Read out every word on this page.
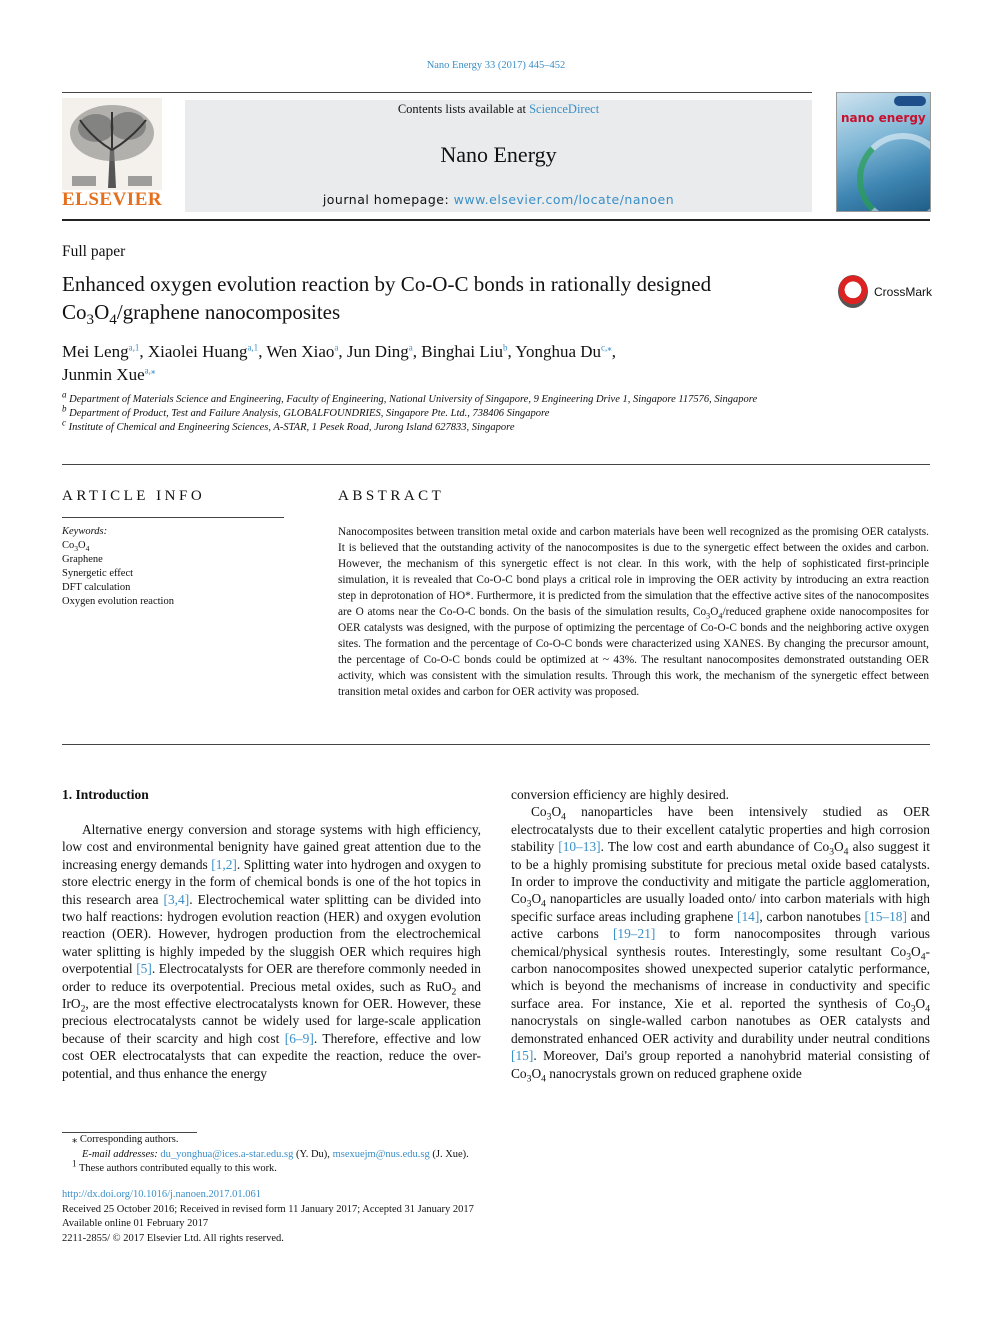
Nano Energy 33 (2017) 445–452
ELSEVIER
Contents lists available at ScienceDirect
Nano Energy
journal homepage: www.elsevier.com/locate/nanoen
nano energy
Full paper
Enhanced oxygen evolution reaction by Co-O-C bonds in rationally designed
$Co_3O_4$/graphene nanocomposites
CrossMark
Mei Leng$^{a,1}$, Xiaolei Huang$^{a,1}$, Wen Xiao$^a$, Jun Ding$^a$, Binghai Liu$^b$, Yonghua $Du^{c,⁎}$,
Junmin Xue$^{a,⁎}$
$^a$ Department of Materials Science and Engineering, Faculty of Engineering, National University of Singapore, 9 Engineering Drive 1, Singapore 117576, Singapore
$^b$ Department of Product, Test and Failure Analysis, GLOBALFOUNDRIES, Singapore Pte. Ltd., 738406 Singapore
$^c$ Institute of Chemical and Engineering Sciences, A-STAR, 1 Pesek Road, Jurong Island 627833, Singapore
ARTICLE INFO
Keywords:
$Co_3O_4$
Graphene
Synergetic effect
DFT calculation
Oxygen evolution reaction
ABSTRACT
Nanocomposites between transition metal oxide and carbon materials have been well recognized as the promising OER catalysts. It is believed that the outstanding activity of the nanocomposites is due to the synergetic effect between the oxides and carbon. However, the mechanism of this synergetic effect is not clear. In this work, with the help of sophisticated first-principle simulation, it is revealed that Co-O-C bond plays a critical role in improving the OER activity by introducing an extra reaction step in deprotonation of HO*. Furthermore, it is predicted from the simulation that the effective active sites of the nanocomposites are O atoms near the Co-O-C bonds. On the basis of the simulation results, $Co_3O_4$/reduced graphene oxide nanocomposites for OER catalysts was designed, with the purpose of optimizing the percentage of Co-O-C bonds and the neighboring active oxygen sites. The formation and the percentage of Co-O-C bonds were characterized using XANES. By changing the precursor amount, the percentage of Co-O-C bonds could be optimized at ~ 43%. The resultant nanocomposites demonstrated outstanding OER activity, which was consistent with the simulation results. Through this work, the mechanism of the synergetic effect between transition metal oxides and carbon for OER activity was proposed.
1. Introduction

Alternative energy conversion and storage systems with high efficiency, low cost and environmental benignity have gained great attention due to the increasing energy demands [1,2]. Splitting water into hydrogen and oxygen to store electric energy in the form of chemical bonds is one of the hot topics in this research area [3,4]. Electrochemical water splitting can be divided into two half reactions: hydrogen evolution reaction (HER) and oxygen evolution reaction (OER). However, hydrogen production from the electrochemical water splitting is highly impeded by the sluggish OER which requires high overpotential [5]. Electrocatalysts for OER are therefore commonly needed in order to reduce its overpotential. Precious metal oxides, such as RuO$_2$ and IrO$_2$, are the most effective electrocatalysts known for OER. However, these precious electrocatalysts cannot be widely used for large-scale application because of their scarcity and high cost [6–9]. Therefore, effective and low cost OER electrocatalysts that can expedite the reaction, reduce the over-potential, and thus enhance the energy

conversion efficiency are highly desired.

$Co_3O_4$ nanoparticles have been intensively studied as OER electrocatalysts due to their excellent catalytic properties and high corrosion stability [10–13]. The low cost and earth abundance of $Co_3O_4$ also suggest it to be a highly promising substitute for precious metal oxide based catalysts. In order to improve the conductivity and mitigate the particle agglomeration, $Co_3O_4$ nanoparticles are usually loaded onto/ into carbon materials with high specific surface areas including graphene [14], carbon nanotubes [15–18] and active carbons [19–21] to form nanocomposites through various chemical/physical synthesis routes. Interestingly, some resultant $Co_3O_4$-carbon nanocomposites showed unexpected superior catalytic performance, which is beyond the mechanisms of increase in conductivity and specific surface area. For instance, Xie et al. reported the synthesis of $Co_3O_4$ nanocrystals on single-walled carbon nanotubes as OER catalysts and demonstrated enhanced OER activity and durability under neutral conditions [15]. Moreover, Dai's group reported a nanohybrid material consisting of $Co_3O_4$ nanocrystals grown on reduced graphene oxide

⁎ Corresponding authors.
E-mail addresses: du_yonghua@ices.a-star.edu.sg (Y. Du), msexuejm@nus.edu.sg (J. Xue).
$^1$ These authors contributed equally to this work.
http://dx.doi.org/10.1016/j.nanoen.2017.01.061
Received 25 October 2016; Received in revised form 11 January 2017; Accepted 31 January 2017
Available online 01 February 2017
2211-2855/ © 2017 Elsevier Ltd. All rights reserved.
